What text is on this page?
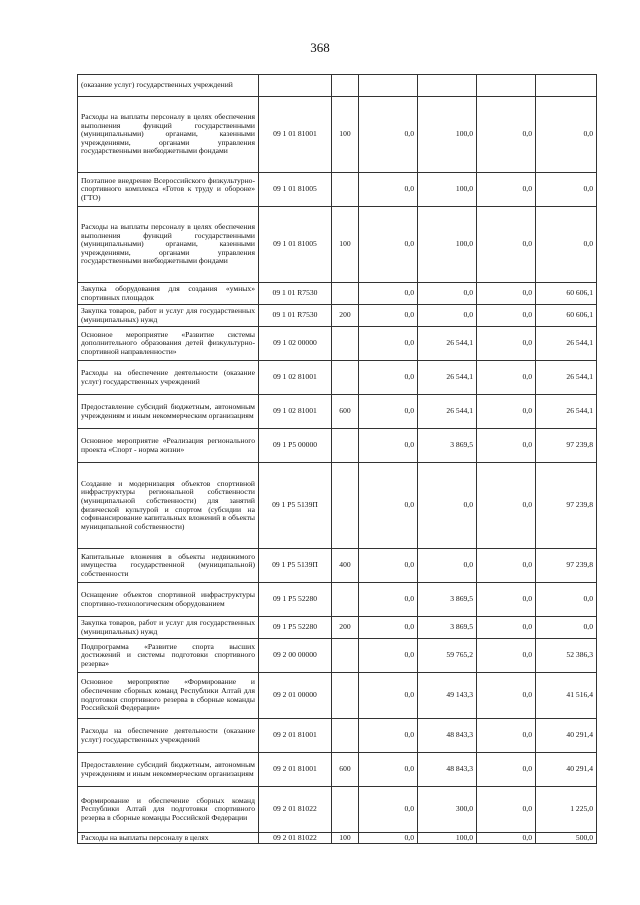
368
(оказание услуг) государственных учреждений						
Расходы на выплаты персоналу в целях обеспечения выполнения функций государственными (муниципальными) органами, казенными учреждениями, органами управления государственными внебюджетными фондами	09 1 01 81001	100	0,0	100,0	0,0	0,0
Поэтапное внедрение Всероссийского физкультурно-спортивного комплекса «Готов к труду и обороне» (ГТО)	09 1 01 81005		0,0	100,0	0,0	0,0
Расходы на выплаты персоналу в целях обеспечения выполнения функций государственными (муниципальными) органами, казенными учреждениями, органами управления государственными внебюджетными фондами	09 1 01 81005	100	0,0	100,0	0,0	0,0
Закупка оборудования для создания «умных» спортивных площадок	09 1 01 R7530		0,0	0,0	0,0	60 606,1
Закупка товаров, работ и услуг для государственных (муниципальных) нужд	09 1 01 R7530	200	0,0	0,0	0,0	60 606,1
Основное мероприятие «Развитие системы дополнительного образования детей физкультурно-спортивной направленности»	09 1 02 00000		0,0	26 544,1	0,0	26 544,1
Расходы на обеспечение деятельности (оказание услуг) государственных учреждений	09 1 02 81001		0,0	26 544,1	0,0	26 544,1
Предоставление субсидий бюджетным, автономным учреждениям и иным некоммерческим организациям	09 1 02 81001	600	0,0	26 544,1	0,0	26 544,1
Основное мероприятие «Реализация регионального проекта «Спорт - норма жизни»	09 1 Р5 00000		0,0	3 869,5	0,0	97 239,8
Создание и модернизация объектов спортивной инфраструктуры региональной собственности (муниципальной собственности) для занятий физической культурой и спортом (субсидии на софинансирование капитальных вложений в объекты муниципальной собственности)	09 1 Р5 5139П		0,0	0,0	0,0	97 239,8
Капитальные вложения в объекты недвижимого имущества государственной (муниципальной) собственности	09 1 Р5 5139П	400	0,0	0,0	0,0	97 239,8
Оснащение объектов спортивной инфраструктуры спортивно-технологическим оборудованием	09 1 Р5 52280		0,0	3 869,5	0,0	0,0
Закупка товаров, работ и услуг для государственных (муниципальных) нужд	09 1 Р5 52280	200	0,0	3 869,5	0,0	0,0
Подпрограмма «Развитие спорта высших достижений и системы подготовки спортивного резерва»	09 2 00 00000		0,0	59 765,2	0,0	52 386,3
Основное мероприятие «Формирование и обеспечение сборных команд Республики Алтай для подготовки спортивного резерва в сборные команды Российской Федерации»	09 2 01 00000		0,0	49 143,3	0,0	41 516,4
Расходы на обеспечение деятельности (оказание услуг) государственных учреждений	09 2 01 81001		0,0	48 843,3	0,0	40 291,4
Предоставление субсидий бюджетным, автономным учреждениям и иным некоммерческим организациям	09 2 01 81001	600	0,0	48 843,3	0,0	40 291,4
Формирование и обеспечение сборных команд Республики Алтай для подготовки спортивного резерва в сборные команды Российской Федерации	09 2 01 81022		0,0	300,0	0,0	1 225,0
Расходы на выплаты персоналу в целях	09 2 01 81022	100	0,0	100,0	0,0	500,0
